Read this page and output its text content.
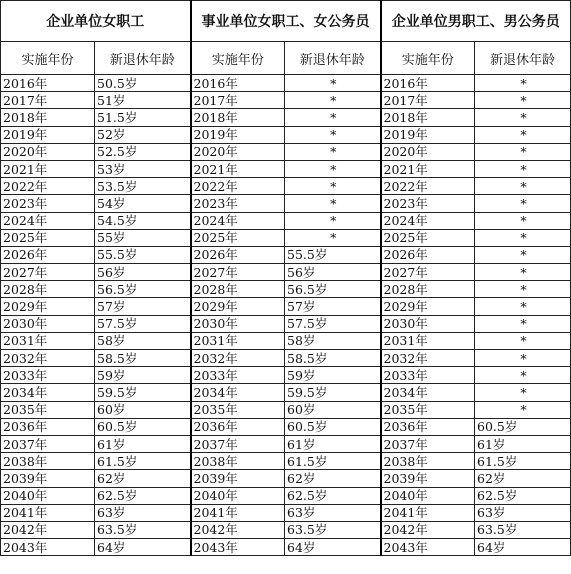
企业单位女职工		事业单位女职工、女公务员		企业单位男职工、男公务员	
实施年份	新退休年龄	实施年份	新退休年龄	实施年份	新退休年龄
2016年	50.5岁	2016年	*	2016年	*
2017年	51岁	2017年	*	2017年	*
2018年	51.5岁	2018年	*	2018年	*
2019年	52岁	2019年	*	2019年	*
2020年	52.5岁	2020年	*	2020年	*
2021年	53岁	2021年	*	2021年	*
2022年	53.5岁	2022年	*	2022年	*
2023年	54岁	2023年	*	2023年	*
2024年	54.5岁	2024年	*	2024年	*
2025年	55岁	2025年	*	2025年	*
2026年	55.5岁	2026年	55.5岁	2026年	*
2027年	56岁	2027年	56岁	2027年	*
2028年	56.5岁	2028年	56.5岁	2028年	*
2029年	57岁	2029年	57岁	2029年	*
2030年	57.5岁	2030年	57.5岁	2030年	*
2031年	58岁	2031年	58岁	2031年	*
2032年	58.5岁	2032年	58.5岁	2032年	*
2033年	59岁	2033年	59岁	2033年	*
2034年	59.5岁	2034年	59.5岁	2034年	*
2035年	60岁	2035年	60岁	2035年	*
2036年	60.5岁	2036年	60.5岁	2036年	60.5岁
2037年	61岁	2037年	61岁	2037年	61岁
2038年	61.5岁	2038年	61.5岁	2038年	61.5岁
2039年	62岁	2039年	62岁	2039年	62岁
2040年	62.5岁	2040年	62.5岁	2040年	62.5岁
2041年	63岁	2041年	63岁	2041年	63岁
2042年	63.5岁	2042年	63.5岁	2042年	63.5岁
2043年	64岁	2043年	64岁	2043年	64岁
